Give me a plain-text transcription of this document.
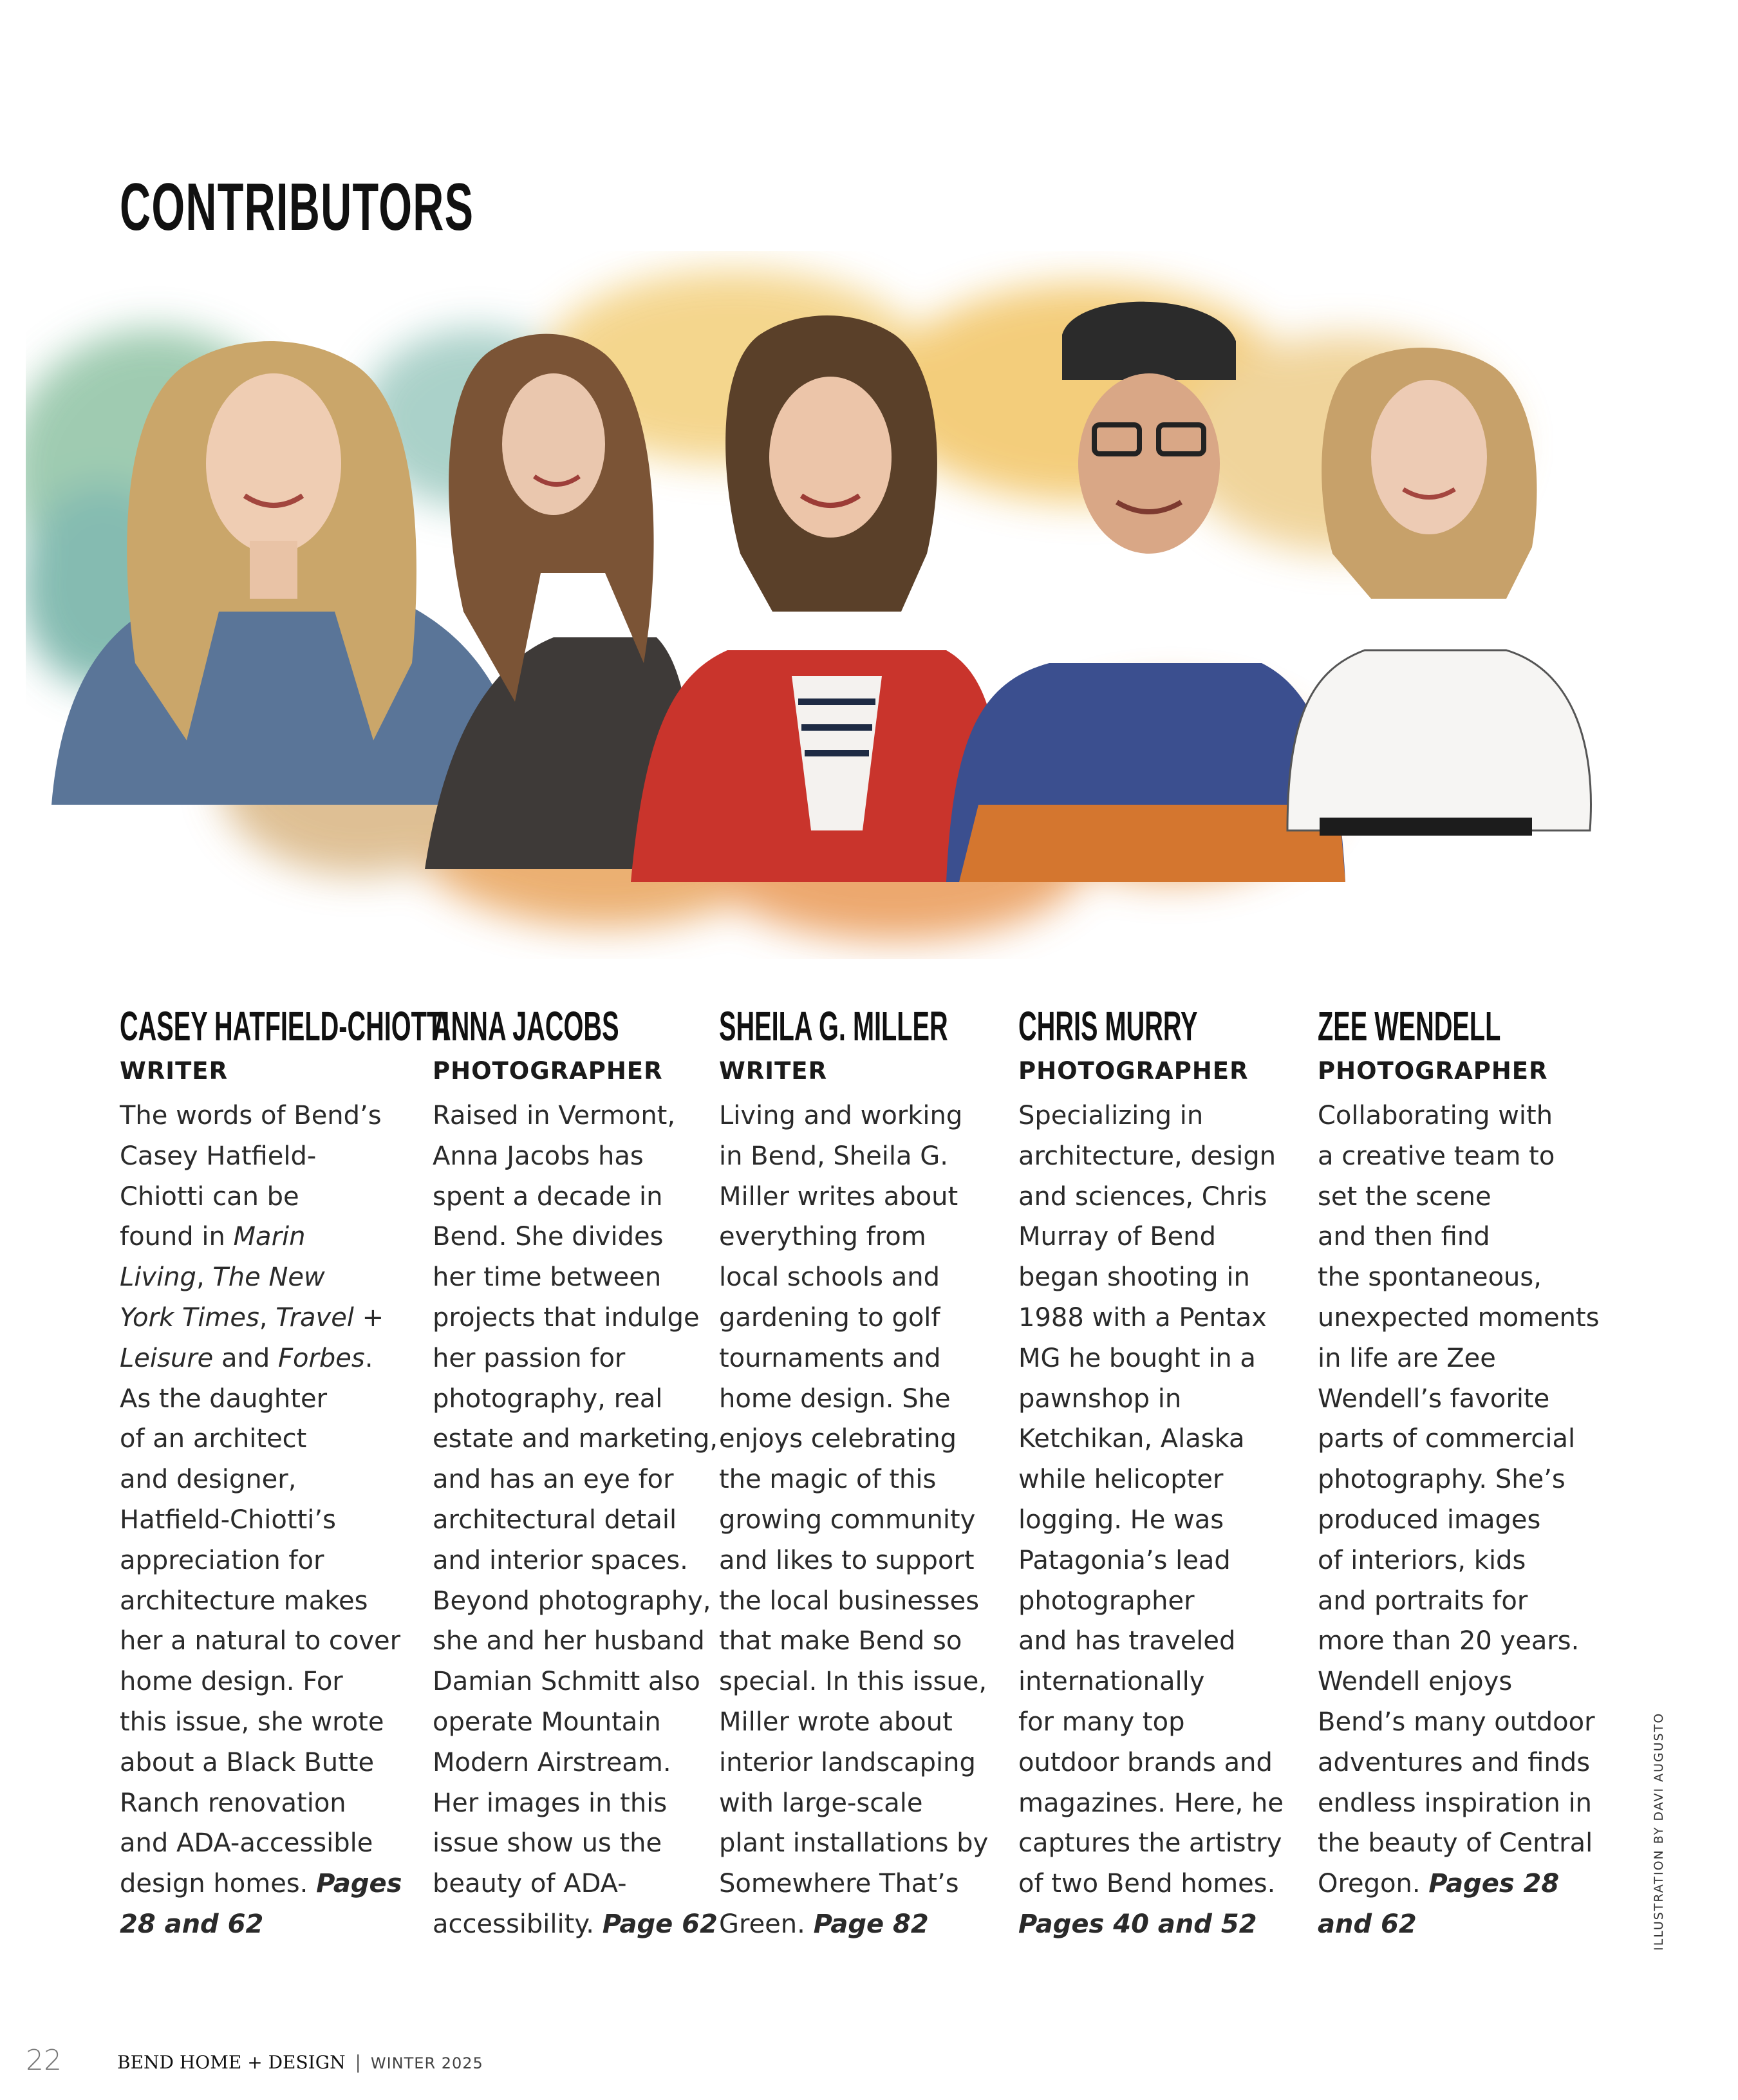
CONTRIBUTORS
CASEY HATFIELD-CHIOTTI
WRITER
The words of Bend’s
Casey Hatfield-
Chiotti can be
found in Marin
Living, The New
York Times, Travel +
Leisure and Forbes.
As the daughter
of an architect
and designer,
Hatfield-Chiotti’s
appreciation for
architecture makes
her a natural to cover
home design. For
this issue, she wrote
about a Black Butte
Ranch renovation
and ADA-accessible
design homes. Pages
28 and 62
ANNA JACOBS
PHOTOGRAPHER
Raised in Vermont,
Anna Jacobs has
spent a decade in
Bend. She divides
her time between
projects that indulge
her passion for
photography, real
estate and marketing,
and has an eye for
architectural detail
and interior spaces.
Beyond photography,
she and her husband
Damian Schmitt also
operate Mountain
Modern Airstream.
Her images in this
issue show us the
beauty of ADA-
accessibility. Page 62
SHEILA G. MILLER
WRITER
Living and working
in Bend, Sheila G.
Miller writes about
everything from
local schools and
gardening to golf
tournaments and
home design. She
enjoys celebrating
the magic of this
growing community
and likes to support
the local businesses
that make Bend so
special. In this issue,
Miller wrote about
interior landscaping
with large-scale
plant installations by
Somewhere That’s
Green. Page 82
CHRIS MURRY
PHOTOGRAPHER
Specializing in
architecture, design
and sciences, Chris
Murray of Bend
began shooting in
1988 with a Pentax
MG he bought in a
pawnshop in
Ketchikan, Alaska
while helicopter
logging. He was
Patagonia’s lead
photographer
and has traveled
internationally
for many top
outdoor brands and
magazines. Here, he
captures the artistry
of two Bend homes.
Pages 40 and 52
ZEE WENDELL
PHOTOGRAPHER
Collaborating with
a creative team to
set the scene
and then find
the spontaneous,
unexpected moments
in life are Zee
Wendell’s favorite
parts of commercial
photography. She’s
produced images
of interiors, kids
and portraits for
more than 20 years.
Wendell enjoys
Bend’s many outdoor
adventures and finds
endless inspiration in
the beauty of Central
Oregon. Pages 28
and 62	ILLUSTRATION BY DAVI AUGUSTO
22	BEND HOME + DESIGN | WINTER 2025
